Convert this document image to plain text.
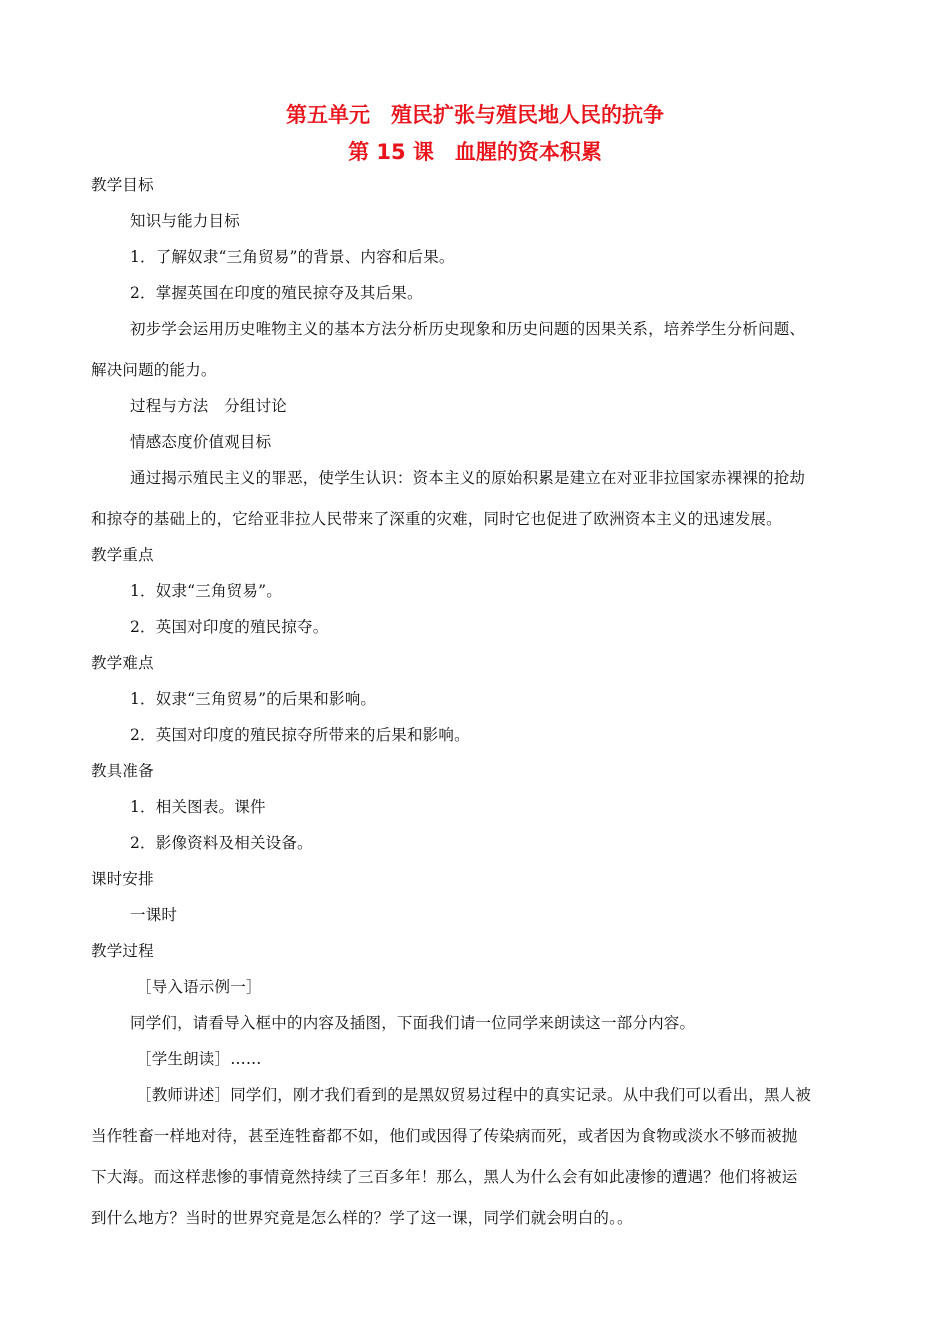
第五单元　殖民扩张与殖民地人民的抗争
第 15 课　血腥的资本积累
教学目标
知识与能力目标
1．了解奴隶“三角贸易”的背景、内容和后果。
2．掌握英国在印度的殖民掠夺及其后果。
初步学会运用历史唯物主义的基本方法分析历史现象和历史问题的因果关系，培养学生分析问题、
解决问题的能力。
过程与方法　分组讨论
情感态度价值观目标
通过揭示殖民主义的罪恶，使学生认识：资本主义的原始积累是建立在对亚非拉国家赤裸裸的抢劫
和掠夺的基础上的，它给亚非拉人民带来了深重的灾难，同时它也促进了欧洲资本主义的迅速发展。
教学重点
1．奴隶“三角贸易”。
2．英国对印度的殖民掠夺。
教学难点
1．奴隶“三角贸易”的后果和影响。
2．英国对印度的殖民掠夺所带来的后果和影响。
教具准备
1．相关图表。课件
2．影像资料及相关设备。
课时安排
一课时
教学过程
［导入语示例一］
同学们，请看导入框中的内容及插图，下面我们请一位同学来朗读这一部分内容。
［学生朗读］……
［教师讲述］同学们，刚才我们看到的是黑奴贸易过程中的真实记录。从中我们可以看出，黑人被
当作牲畜一样地对待，甚至连牲畜都不如，他们或因得了传染病而死，或者因为食物或淡水不够而被抛
下大海。而这样悲惨的事情竟然持续了三百多年！那么，黑人为什么会有如此凄惨的遭遇？他们将被运
到什么地方？当时的世界究竟是怎么样的？学了这一课，同学们就会明白的。。
